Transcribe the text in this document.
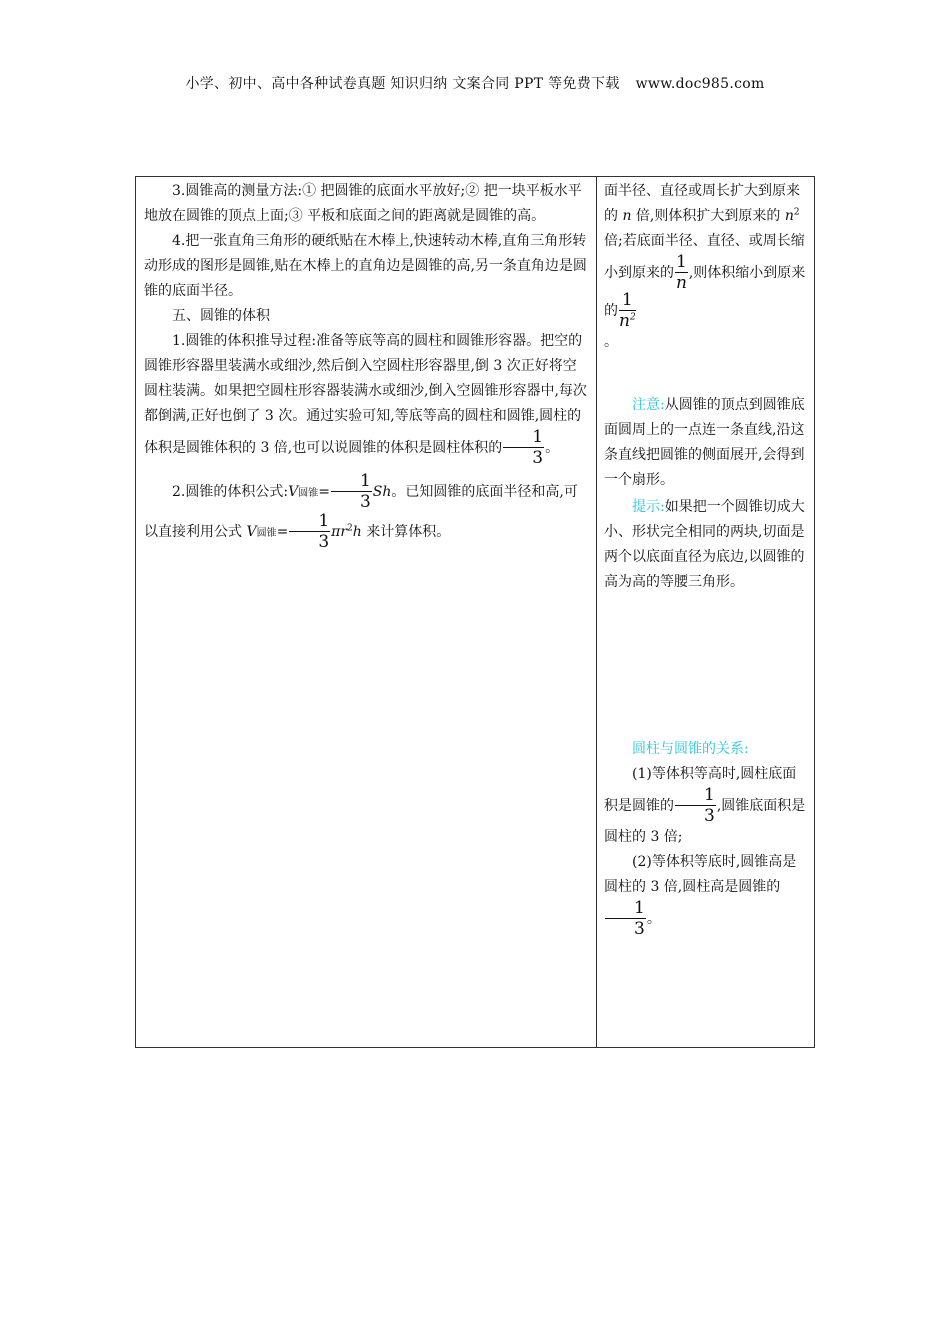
小学、初中、高中各种试卷真题 知识归纳 文案合同 PPT 等免费下载 www.doc985.com

3.圆锥高的测量方法:① 把圆锥的底面水平放好;② 把一块平板水平地放在圆锥的顶点上面;③ 平板和底面之间的距离就是圆锥的高。

4.把一张直角三角形的硬纸贴在木棒上,快速转动木棒,直角三角形转动形成的图形是圆锥,贴在木棒上的直角边是圆锥的高,另一条直角边是圆锥的底面半径。

五、圆锥的体积

1.圆锥的体积推导过程:准备等底等高的圆柱和圆锥形容器。把空的圆锥形容器里装满水或细沙,然后倒入空圆柱形容器里,倒 3 次正好将空圆柱装满。如果把空圆柱形容器装满水或细沙,倒入空圆锥形容器中,每次都倒满,正好也倒了 3 次。通过实验可知,等底等高的圆柱和圆锥,圆柱的体积是圆锥体积的 3 倍,也可以说圆锥的体积是圆柱体积的 $\frac{1}{3}$ 。

2.圆锥的体积公式:V圆锥= $\frac{1}{3}$ Sh。已知圆锥的底面半径和高,可以直接利用公式 V圆锥= $\frac{1}{3} \pi r^2h$ 来计算体积。

面半径、直径或周长扩大到原来的 n 倍,则体积扩大到原来的 $n^2$ 倍;若底面半径、直径、或周长缩小到原来的 $\frac{1}{n}$ ,则体积缩小到原来的 $\frac{1}{n^2}$

。

注意:从圆锥的顶点到圆锥底面圆周上的一点连一条直线,沿这条直线把圆锥的侧面展开,会得到一个扇形。

提示:如果把一个圆锥切成大小、形状完全相同的两块,切面是两个以底面直径为底边,以圆锥的高为高的等腰三角形。

圆柱与圆锥的关系:

(1)等体积等高时,圆柱底面积是圆锥的 $\frac{1}{3}$ ,圆锥底面积是圆柱的 3 倍;

(2)等体积等底时,圆锥高是圆柱的 3 倍,圆柱高是圆锥的
$\frac{1}{3}$ 。
